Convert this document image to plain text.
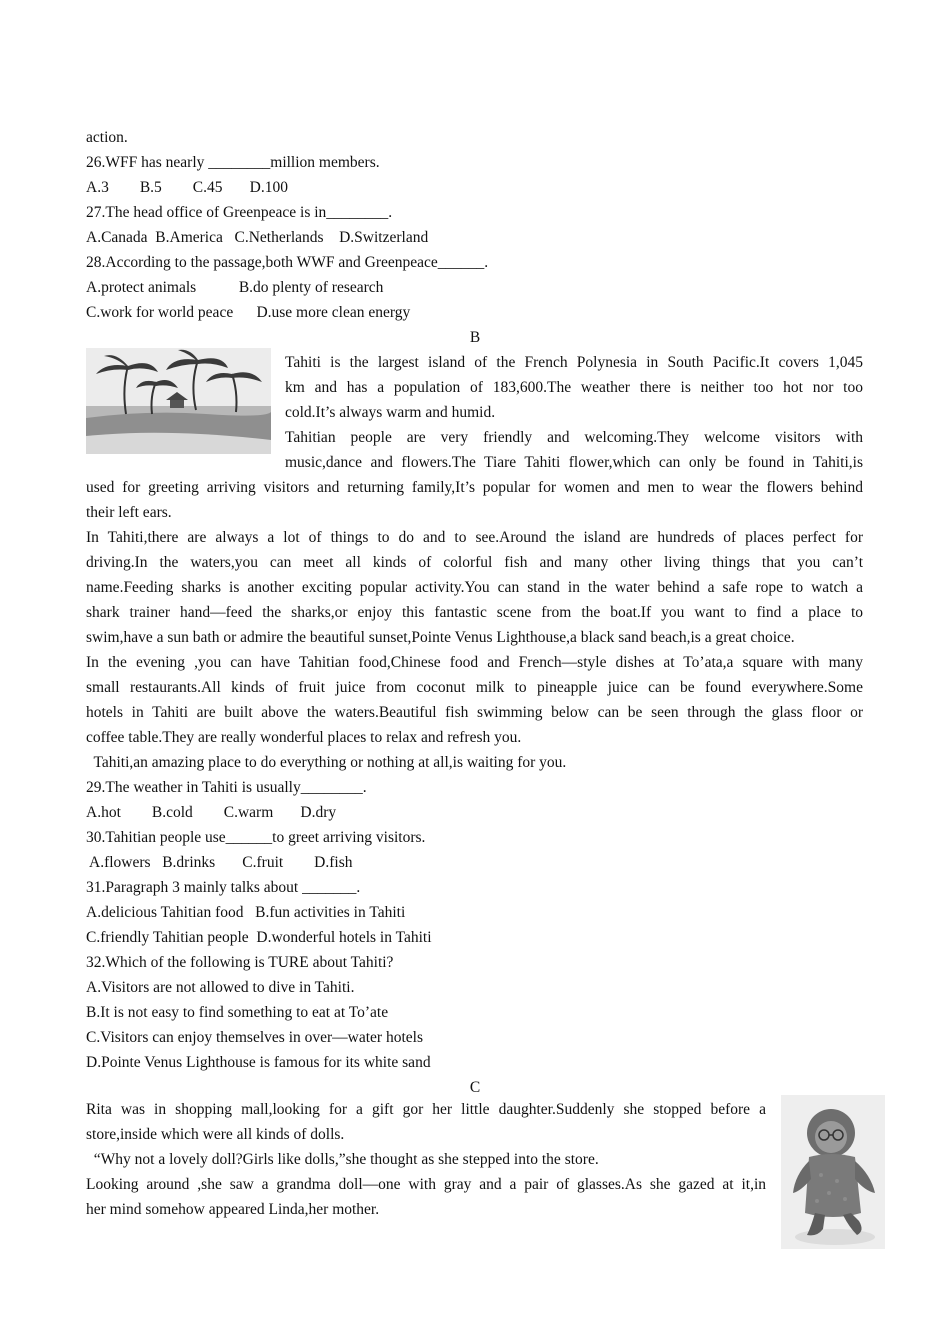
action.
26.WFF has nearly ________million members.
A.3        B.5        C.45       D.100
27.The head office of Greenpeace is in________.
A.Canada  B.America   C.Netherlands    D.Switzerland
28.According to the passage,both WWF and Greenpeace______.
A.protect animals           B.do plenty of research
C.work for world peace      D.use more clean energy
B
Tahiti is the largest island of the French Polynesia in South Pacific.It covers 1,045
km and has a population of 183,600.The weather there is neither too hot nor too
cold.It’s always warm and humid.
Tahitian people are very friendly and welcoming.They welcome visitors with
music,dance and flowers.The Tiare Tahiti flower,which can only be found in Tahiti,is
used for greeting arriving visitors and returning family,It’s popular for women and men to wear the flowers behind
their left ears.
In Tahiti,there are always a lot of things to do and to see.Around the island are hundreds of places perfect for
driving.In the waters,you can meet all kinds of colorful fish and many other living things that you can’t
name.Feeding sharks is another exciting popular activity.You can stand in the water behind a safe rope to watch a
shark trainer hand—feed the sharks,or enjoy this fantastic scene from the boat.If you want to find a place to
swim,have a sun bath or admire the beautiful sunset,Pointe Venus Lighthouse,a black sand beach,is a great choice.
In the evening ,you can have Tahitian food,Chinese food and French—style dishes at To’ata,a square with many
small restaurants.All kinds of fruit juice from coconut milk to pineapple juice can be found everywhere.Some
hotels in Tahiti are built above the waters.Beautiful fish swimming below can be seen through the glass floor or
coffee table.They are really wonderful places to relax and refresh you.
Tahiti,an amazing place to do everything or nothing at all,is waiting for you.
29.The weather in Tahiti is usually________.
A.hot        B.cold        C.warm       D.dry
30.Tahitian people use______to greet arriving visitors.
A.flowers   B.drinks       C.fruit        D.fish
31.Paragraph 3 mainly talks about _______.
A.delicious Tahitian food   B.fun activities in Tahiti
C.friendly Tahitian people  D.wonderful hotels in Tahiti
32.Which of the following is TURE about Tahiti?
A.Visitors are not allowed to dive in Tahiti.
B.It is not easy to find something to eat at To’ate
C.Visitors can enjoy themselves in over—water hotels
D.Pointe Venus Lighthouse is famous for its white sand
C
Rita was in shopping mall,looking for a gift gor her little daughter.Suddenly she stopped before a
store,inside which were all kinds of dolls.
“Why not a lovely doll?Girls like dolls,”she thought as she stepped into the store.
Looking around ,she saw a grandma doll—one with gray and a pair of glasses.As she gazed at it,in
her mind somehow appeared Linda,her mother.
